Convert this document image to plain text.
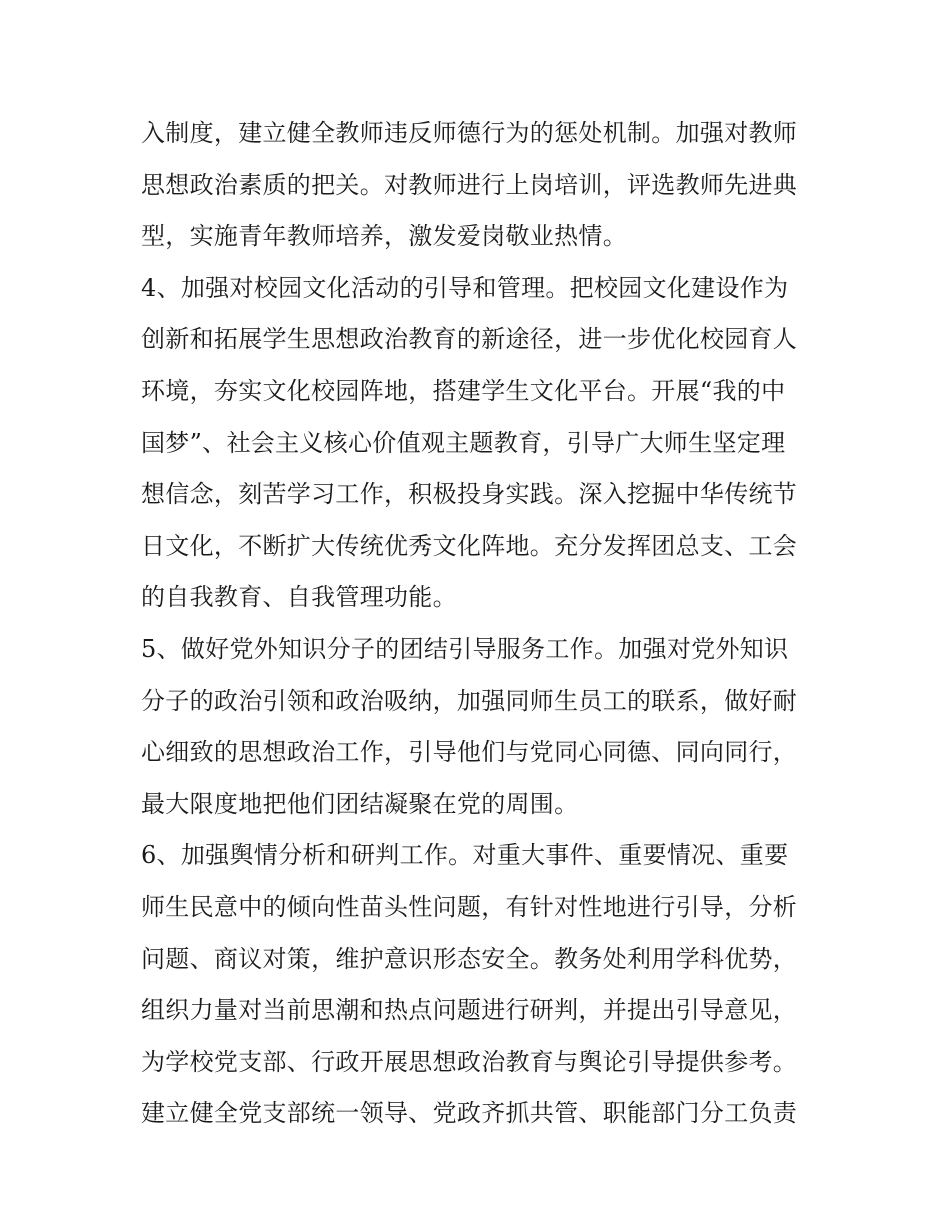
入制度，建立健全教师违反师德行为的惩处机制。加强对教师
思想政治素质的把关。对教师进行上岗培训，评选教师先进典
型，实施青年教师培养，激发爱岗敬业热情。
4、加强对校园文化活动的引导和管理。把校园文化建设作为
创新和拓展学生思想政治教育的新途径，进一步优化校园育人
环境，夯实文化校园阵地，搭建学生文化平台。开展“我的中
国梦”、社会主义核心价值观主题教育，引导广大师生坚定理
想信念，刻苦学习工作，积极投身实践。深入挖掘中华传统节
日文化，不断扩大传统优秀文化阵地。充分发挥团总支、工会
的自我教育、自我管理功能。
5、做好党外知识分子的团结引导服务工作。加强对党外知识
分子的政治引领和政治吸纳，加强同师生员工的联系，做好耐
心细致的思想政治工作，引导他们与党同心同德、同向同行，
最大限度地把他们团结凝聚在党的周围。
6、加强舆情分析和研判工作。对重大事件、重要情况、重要
师生民意中的倾向性苗头性问题，有针对性地进行引导，分析
问题、商议对策，维护意识形态安全。教务处利用学科优势，
组织力量对当前思潮和热点问题进行研判，并提出引导意见，
为学校党支部、行政开展思想政治教育与舆论引导提供参考。
建立健全党支部统一领导、党政齐抓共管、职能部门分工负责
